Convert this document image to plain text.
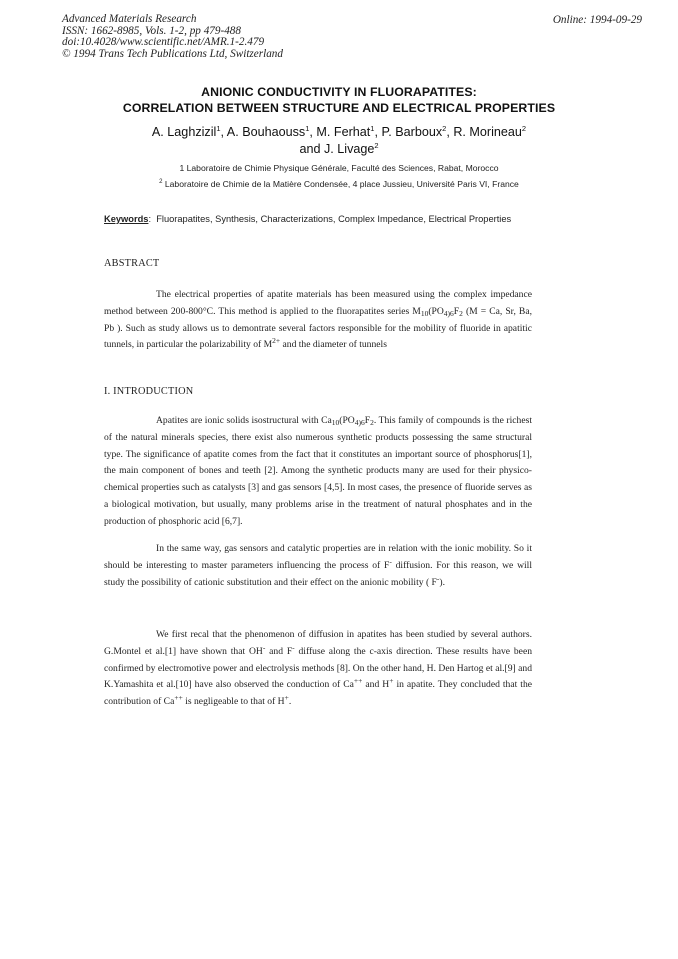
Advanced Materials Research
ISSN: 1662-8985, Vols. 1-2, pp 479-488
doi:10.4028/www.scientific.net/AMR.1-2.479
© 1994 Trans Tech Publications Ltd, Switzerland
Online: 1994-09-29
ANIONIC CONDUCTIVITY IN FLUORAPATITES:
CORRELATION BETWEEN STRUCTURE AND ELECTRICAL PROPERTIES
A. Laghzizil$^1$, A. Bouhaouss$^1$, M. Ferhat$^1$, P. Barboux$^2$, R. Morineau$^2$
and J. Livage$^2$
1 Laboratoire de Chimie Physique Générale, Faculté des Sciences, Rabat, Morocco
$^2$ Laboratoire de Chimie de la Matière Condensée, 4 place Jussieu, Université Paris VI, France
Keywords: Fluorapatites, Synthesis, Characterizations, Complex Impedance, Electrical Properties
ABSTRACT
The electrical properties of apatite materials has been measured using the complex impedance method between 200-800°C. This method is applied to the fluorapatites series $M_{10}(PO_{4)6}F_2$ (M = Ca, Sr, Ba, Pb ). Such as study allows us to demontrate several factors responsible for the mobility of fluoride in apatitic tunnels, in particular the polarizability of $M^{2+}$ and the diameter of tunnels
I. INTRODUCTION
Apatites are ionic solids isostructural with $Ca_{10}(PO_{4)6}F_2$. This family of compounds is the richest of the natural minerals species, there exist also numerous synthetic products possessing the same structural type. The significance of apatite comes from the fact that it constitutes an important source of phosphorus[1], the main component of bones and teeth [2]. Among the synthetic products many are used for their physico-chemical properties such as catalysts [3] and gas sensors [4,5]. In most cases, the presence of fluoride serves as a biological motivation, but usually, many problems arise in the treatment of natural phosphates and in the production of phosphoric acid [6,7].
In the same way, gas sensors and catalytic properties are in relation with the ionic mobility. So it should be interesting to master parameters influencing the process of F- diffusion. For this reason, we will study the possibility of cationic substitution and their effect on the anionic mobility ( F-).
We first recal that the phenomenon of diffusion in apatites has been studied by several authors. G.Montel et al.[1] have shown that OH- and F- diffuse along the c-axis direction. These results have been confirmed by electromotive power and electrolysis methods [8]. On the other hand, H. Den Hartog et al.[9] and K.Yamashita et al.[10] have also observed the conduction of Ca++ and H+ in apatite. They concluded that the contribution of Ca++ is negligeable to that of H+.
